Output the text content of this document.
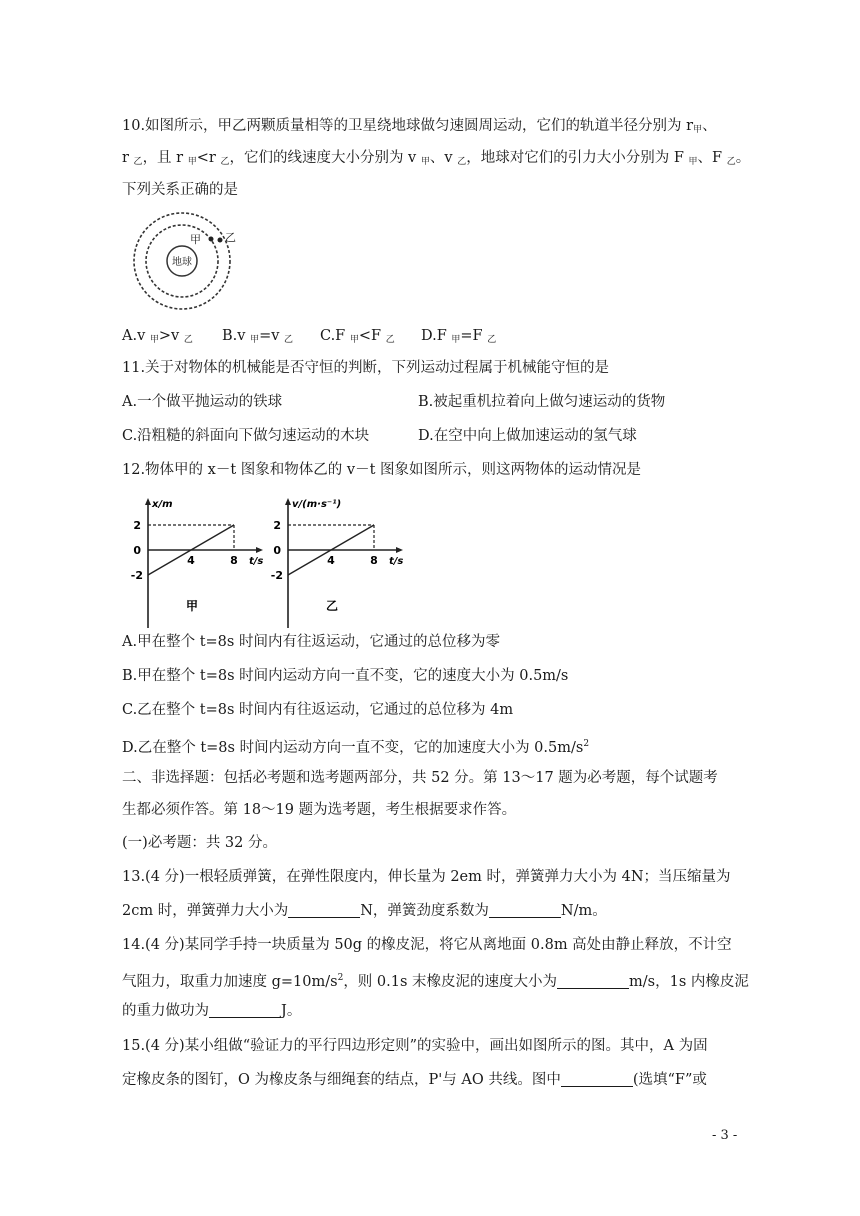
10.如图所示，甲乙两颗质量相等的卫星绕地球做匀速圆周运动，它们的轨道半径分别为 $r_甲$、
r $_乙$，且 r $_甲$<r $_乙$，它们的线速度大小分别为 v $_甲$、v $_乙$，地球对它们的引力大小分别为 F $_甲$、F $_乙$。
下列关系正确的是
地球
甲 乙
A.v $_甲$>v $_乙$ B.v $_甲$=v $_乙$ C.F $_甲$<F $_乙$ D.F $_甲$=F $_乙$
11.关于对物体的机械能是否守恒的判断，下列运动过程属于机械能守恒的是
A.一个做平抛运动的铁球	B.被起重机拉着向上做匀速运动的货物
C.沿粗糙的斜面向下做匀速运动的木块	D.在空中向上做加速运动的氢气球
12.物体甲的 x－t 图象和物体乙的 v－t 图象如图所示，则这两物体的运动情况是
x/m
t/s
2
0
-2
4	8
甲
v/(m·s⁻¹)
t/s
2
0
-2
4	8
乙
A.甲在整个 t=8s 时间内有往返运动，它通过的总位移为零
B.甲在整个 t=8s 时间内运动方向一直不变，它的速度大小为 0.5m/s
C.乙在整个 t=8s 时间内有往返运动，它通过的总位移为 4m
D.乙在整个 t=8s 时间内运动方向一直不变，它的加速度大小为 $0.5m/s^2$
二、非选择题：包括必考题和选考题两部分，共 52 分。第 13～17 题为必考题，每个试题考
生都必须作答。第 18～19 题为选考题，考生根据要求作答。
(一)必考题：共 32 分。
13.(4 分)一根轻质弹簧，在弹性限度内，伸长量为 2em 时，弹簧弹力大小为 4N；当压缩量为
2cm 时，弹簧弹力大小为	N，弹簧劲度系数为	N/m。
14.(4 分)某同学手持一块质量为 50g 的橡皮泥，将它从离地面 0.8m 高处由静止释放，不计空
气阻力，取重力加速度 $g=10m/s^2$，则 0.1s 末橡皮泥的速度大小为	m/s，1s 内橡皮泥
的重力做功为	J。
15.(4 分)某小组做“验证力的平行四边形定则”的实验中，画出如图所示的图。其中，A 为固
定橡皮条的图钉，O 为橡皮条与细绳套的结点，P'与 AO 共线。图中	(选填“F”或
- 3 -
